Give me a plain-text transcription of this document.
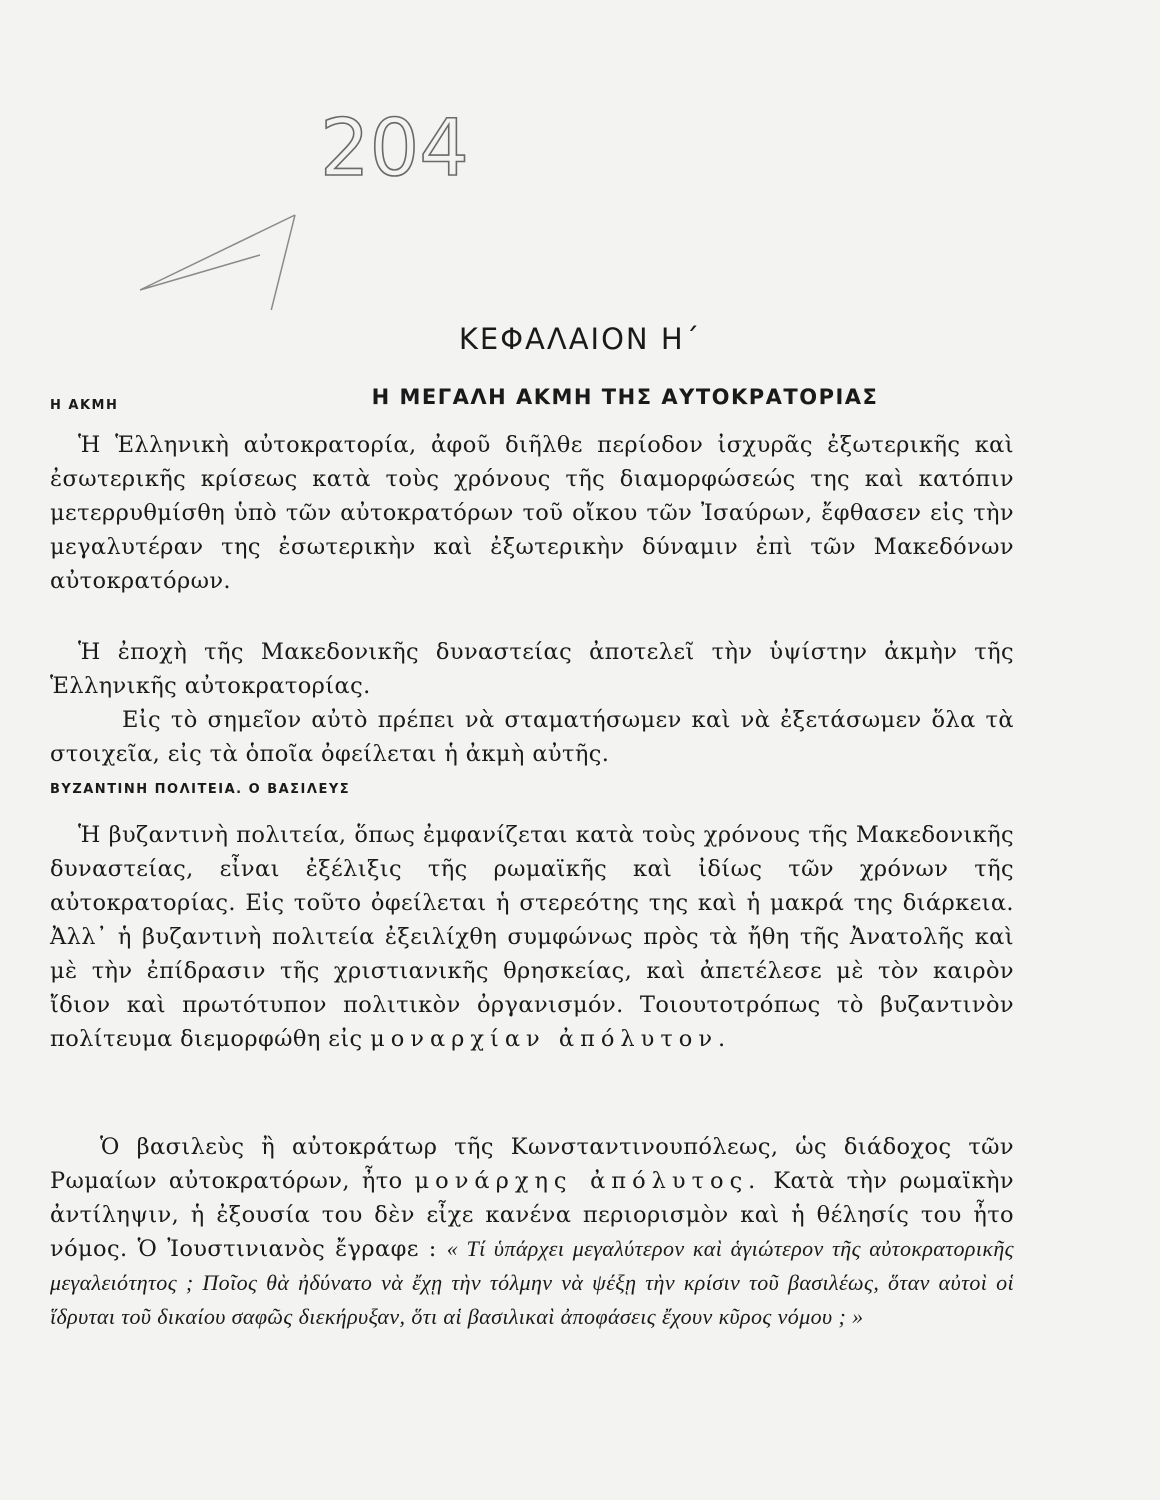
204
ΚΕΦΑΛΑΙΟΝ Η΄
Η ΜΕΓΑΛΗ ΑΚΜΗ ΤΗΣ ΑΥΤΟΚΡΑΤΟΡΙΑΣ
Η ΑΚΜΗ

Ἡ Ἑλληνικὴ αὐτοκρατορία, ἀφοῦ διῆλθε περίοδον ἰσχυρᾶς ἐξωτερικῆς καὶ ἐσωτερικῆς κρίσεως κατὰ τοὺς χρόνους τῆς διαμορφώσεώς της καὶ κατόπιν μετερρυθμίσθη ὑπὸ τῶν αὐτοκρατόρων τοῦ οἴκου τῶν Ἰσαύρων, ἔφθασεν εἰς τὴν μεγαλυτέραν της ἐσωτερικὴν καὶ ἐξωτερικὴν δύναμιν ἐπὶ τῶν Μακεδόνων αὐτοκρατόρων.

Ἡ ἐποχὴ τῆς Μακεδονικῆς δυναστείας ἀποτελεῖ τὴν ὑψίστην ἀκμὴν τῆς Ἑλληνικῆς αὐτοκρατορίας.

Εἰς τὸ σημεῖον αὐτὸ πρέπει νὰ σταματήσωμεν καὶ νὰ ἐξετάσωμεν ὅλα τὰ στοιχεῖα, εἰς τὰ ὁποῖα ὀφείλεται ἡ ἀκμὴ αὐτῆς.

ΒΥΖΑΝΤΙΝΗ ΠΟΛΙΤΕΙΑ. Ο ΒΑΣΙΛΕΥΣ

Ἡ βυζαντινὴ πολιτεία, ὅπως ἐμφανίζεται κατὰ τοὺς χρόνους τῆς Μακεδονικῆς δυναστείας, εἶναι ἐξέλιξις τῆς ρωμαϊκῆς καὶ ἰδίως τῶν χρόνων τῆς αὐτοκρατορίας. Εἰς τοῦτο ὀφείλεται ἡ στερεότης της καὶ ἡ μακρά της διάρκεια. Ἀλλ᾽ ἡ βυζαντινὴ πολιτεία ἐξειλίχθη συμφώνως πρὸς τὰ ἤθη τῆς Ἀνατολῆς καὶ μὲ τὴν ἐπίδρασιν τῆς χριστιανικῆς θρησκείας, καὶ ἀπετέλεσε μὲ τὸν καιρὸν ἴδιον καὶ πρωτότυπον πολιτικὸν ὀργανισμόν. Τοιουτοτρόπως τὸ βυζαντινὸν πολίτευμα διεμορφώθη εἰς μοναρχίαν ἀπόλυτον.

Ὁ βασιλεὺς ἢ αὐτοκράτωρ τῆς Κωνσταντινουπόλεως, ὡς διάδοχος τῶν Ρωμαίων αὐτοκρατόρων, ἦτο μονάρχης ἀπόλυτος. Κατὰ τὴν ρωμαϊκὴν ἀντίληψιν, ἡ ἐξουσία του δὲν εἶχε κανένα περιορισμὸν καὶ ἡ θέλησίς του ἦτο νόμος. Ὁ Ἰουστινιανὸς ἔγραφε : « Τί ὑπάρχει μεγαλύτερον καὶ ἁγιώτερον τῆς αὐτοκρατορικῆς μεγαλειότητος ; Ποῖος θὰ ἠδύνατο νὰ ἔχῃ τὴν τόλμην νὰ ψέξῃ τὴν κρίσιν τοῦ βασιλέως, ὅταν αὐτοὶ οἱ ἵδρυται τοῦ δικαίου σαφῶς διεκήρυξαν, ὅτι αἱ βασιλικαὶ ἀποφάσεις ἔχουν κῦρος νόμου ; »
